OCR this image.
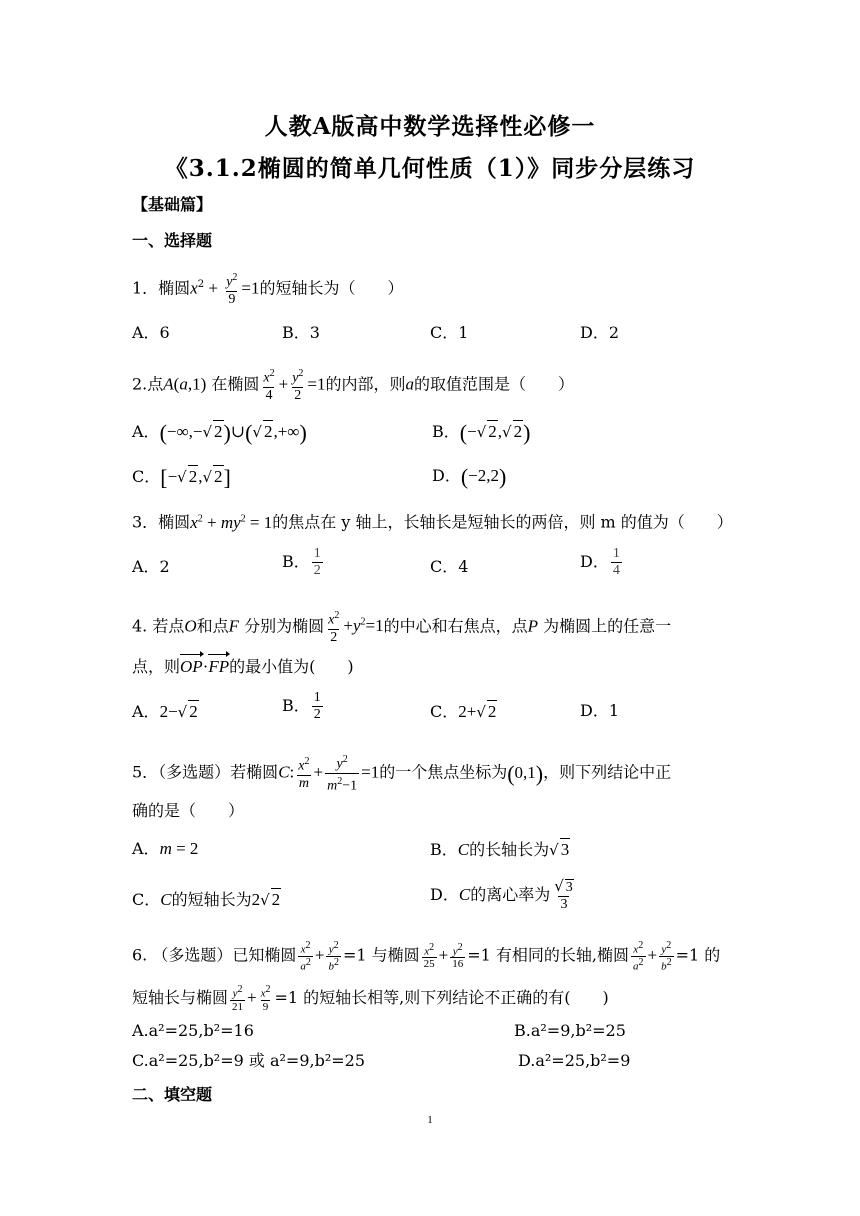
人教A版高中数学选择性必修一
《3.1.2椭圆的简单几何性质（1）》同步分层练习
【基础篇】
一、选择题
1．椭圆$x^2 + \frac{y^2}{9} =1$的短轴长为（　　）
A．6	B．3	C．1	D．2
2.点A(a,1) 在椭圆 $\frac{x^2}{4} + \frac{y^2}{2} =1$的内部，则a的取值范围是（　　）
A．(−∞,−√ 2)∪(√ 2,+∞)	B．(−√ 2,√ 2)
C．[−√ 2,√ 2]	D．(−2,2)
3．椭圆$x^2 + my^2 = 1$的焦点在 y 轴上，长轴长是短轴长的两倍，则 m 的值为（　　）
A．2	B． $\frac{1}{2}$	C．4	D． $\frac{1}{4}$
4. 若点O和点F 分别为椭圆 $\frac{x^2}{2} +y^2=1$的中心和右焦点，点P 为椭圆上的任意一
点，则OP·FP的最小值为(　　)
A．2−√ 2	B． $\frac{1}{2}$	C．2+√ 2	D．1
5．（多选题）若椭圆C: $\frac{x^2}{m} + \frac{y^2}{m^2-1} =1$的一个焦点坐标为(0,1)，则下列结论中正
确的是（　　）
A．m = 2	B．C的长轴长为√ 3
C．C的短轴长为2√ 2	D．C的离心率为 $\frac{√ 3}{3}$
6. （多选题）已知椭圆 $\frac{x^2}{a^2} + \frac{y^2}{b^2} =1$ 与椭圆 $\frac{x^2}{25} + \frac{y^2}{16} =1$ 有相同的长轴,椭圆 $\frac{x^2}{a^2} + \frac{y^2}{b^2} =1$ 的
短轴长与椭圆 $\frac{y^2}{21} + \frac{x^2}{9} =1$ 的短轴长相等,则下列结论不正确的有(　　)
A.a²=25,b²=16	B.a²=9,b²=25
C.a²=25,b²=9 或 a²=9,b²=25	D.a²=25,b²=9
二、填空题
1
